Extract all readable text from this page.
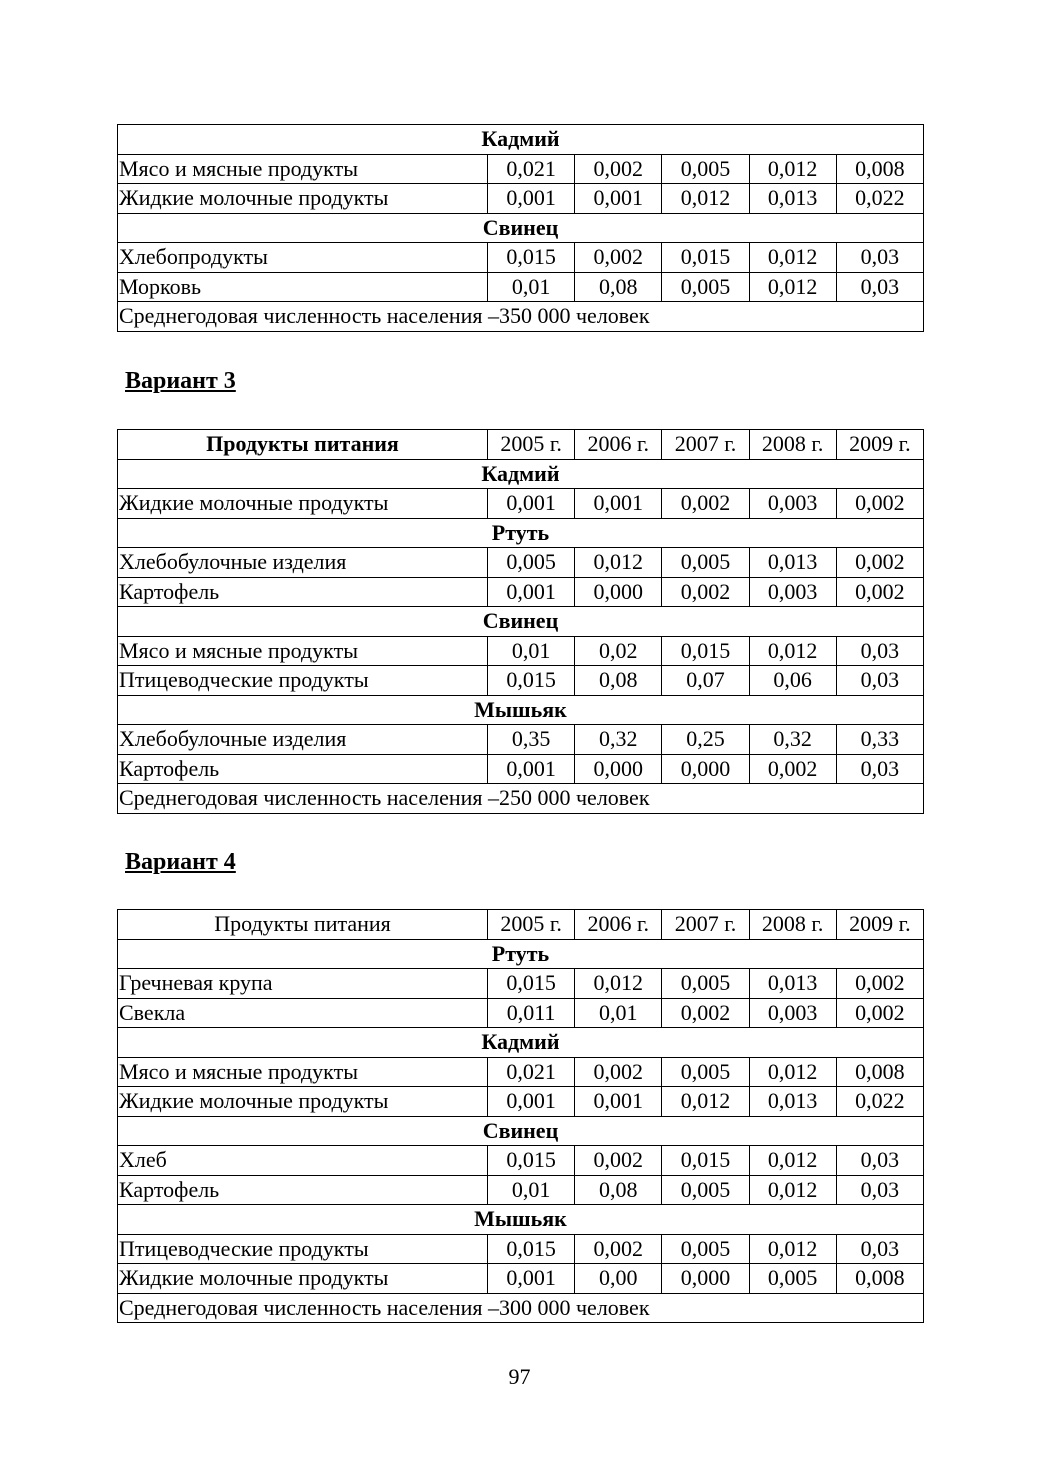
Кадмий					
Мясо и мясные продукты	0,021	0,002	0,005	0,012	0,008
Жидкие молочные продукты	0,001	0,001	0,012	0,013	0,022
Свинец					
Хлебопродукты	0,015	0,002	0,015	0,012	0,03
Морковь	0,01	0,08	0,005	0,012	0,03
Среднегодовая численность населения –350 000 человек					
Вариант 3
Продукты питания	2005 г.	2006 г.	2007 г.	2008 г.	2009 г.
Кадмий					
Жидкие молочные продукты	0,001	0,001	0,002	0,003	0,002
Ртуть					
Хлебобулочные изделия	0,005	0,012	0,005	0,013	0,002
Картофель	0,001	0,000	0,002	0,003	0,002
Свинец					
Мясо и мясные продукты	0,01	0,02	0,015	0,012	0,03
Птицеводческие продукты	0,015	0,08	0,07	0,06	0,03
Мышьяк					
Хлебобулочные изделия	0,35	0,32	0,25	0,32	0,33
Картофель	0,001	0,000	0,000	0,002	0,03
Среднегодовая численность населения –250 000 человек					
Вариант 4
Продукты питания	2005 г.	2006 г.	2007 г.	2008 г.	2009 г.
Ртуть					
Гречневая крупа	0,015	0,012	0,005	0,013	0,002
Свекла	0,011	0,01	0,002	0,003	0,002
Кадмий					
Мясо и мясные продукты	0,021	0,002	0,005	0,012	0,008
Жидкие молочные продукты	0,001	0,001	0,012	0,013	0,022
Свинец					
Хлеб	0,015	0,002	0,015	0,012	0,03
Картофель	0,01	0,08	0,005	0,012	0,03
Мышьяк					
Птицеводческие продукты	0,015	0,002	0,005	0,012	0,03
Жидкие молочные продукты	0,001	0,00	0,000	0,005	0,008
Среднегодовая численность населения –300 000 человек					
97
